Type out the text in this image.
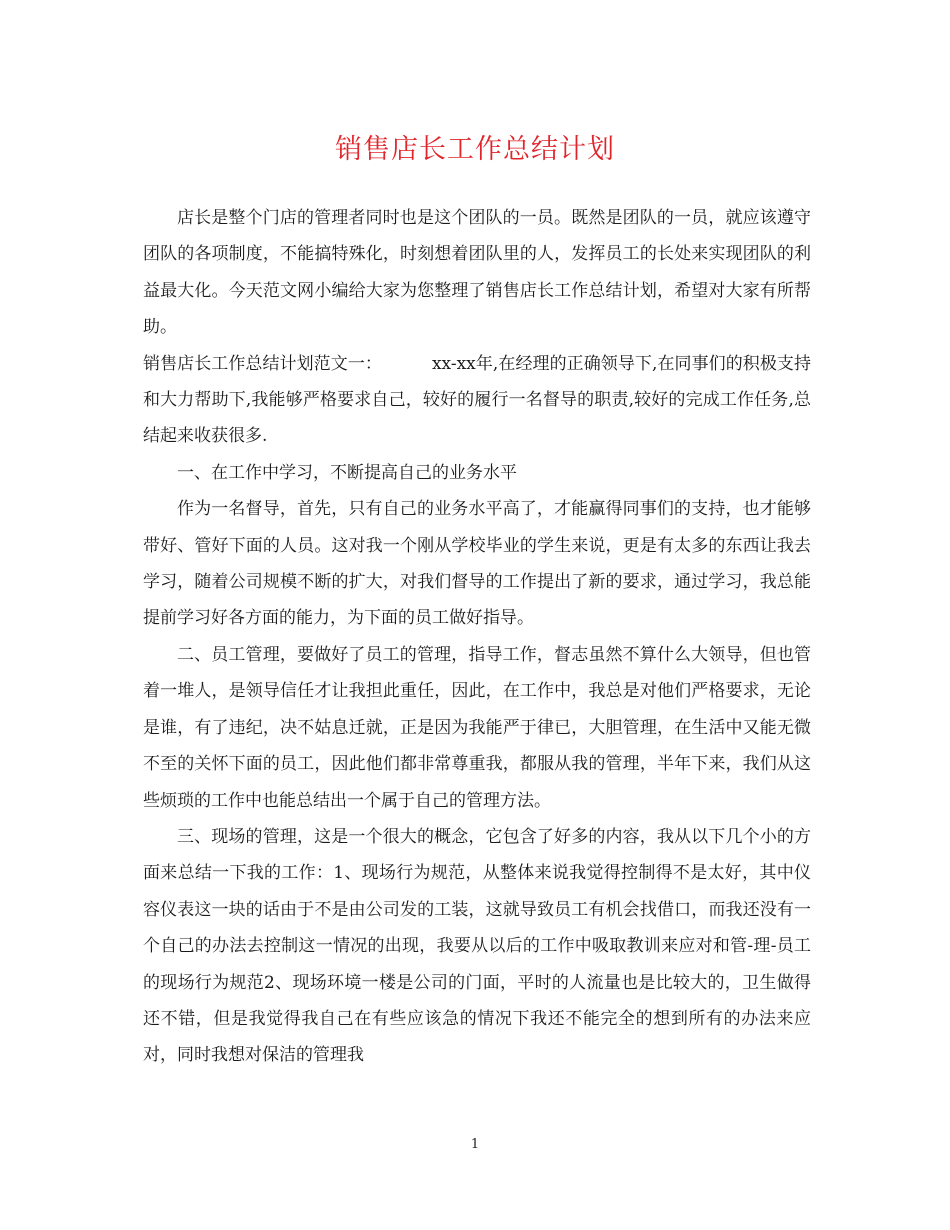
销售店长工作总结计划

店长是整个门店的管理者同时也是这个团队的一员。既然是团队的一员，就应该遵守团队的各项制度，不能搞特殊化，时刻想着团队里的人，发挥员工的长处来实现团队的利益最大化。今天范文网小编给大家为您整理了销售店长工作总结计划，希望对大家有所帮助。

销售店长工作总结计划范文一：	xx-xx年,在经理的正确领导下,在同事们的积极支持和大力帮助下,我能够严格要求自己，较好的履行一名督导的职责,较好的完成工作任务,总结起来收获很多.

一、在工作中学习，不断提高自己的业务水平

作为一名督导，首先，只有自己的业务水平高了，才能赢得同事们的支持，也才能够带好、管好下面的人员。这对我一个刚从学校毕业的学生来说，更是有太多的东西让我去学习，随着公司规模不断的扩大，对我们督导的工作提出了新的要求，通过学习，我总能提前学习好各方面的能力，为下面的员工做好指导。

二、员工管理，要做好了员工的管理，指导工作，督志虽然不算什么大领导，但也管着一堆人，是领导信任才让我担此重任，因此，在工作中，我总是对他们严格要求，无论是谁，有了违纪，决不姑息迁就，正是因为我能严于律已，大胆管理，在生活中又能无微不至的关怀下面的员工，因此他们都非常尊重我，都服从我的管理，半年下来，我们从这些烦琐的工作中也能总结出一个属于自己的管理方法。

三、现场的管理，这是一个很大的概念，它包含了好多的内容，我从以下几个小的方面来总结一下我的工作：1、现场行为规范，从整体来说我觉得控制得不是太好，其中仪容仪表这一块的话由于不是由公司发的工装，这就导致员工有机会找借口，而我还没有一个自己的办法去控制这一情况的出现，我要从以后的工作中吸取教训来应对和管-理-员工的现场行为规范2、现场环境一楼是公司的门面，平时的人流量也是比较大的，卫生做得还不错，但是我觉得我自己在有些应该急的情况下我还不能完全的想到所有的办法来应对，同时我想对保洁的管理我

1
